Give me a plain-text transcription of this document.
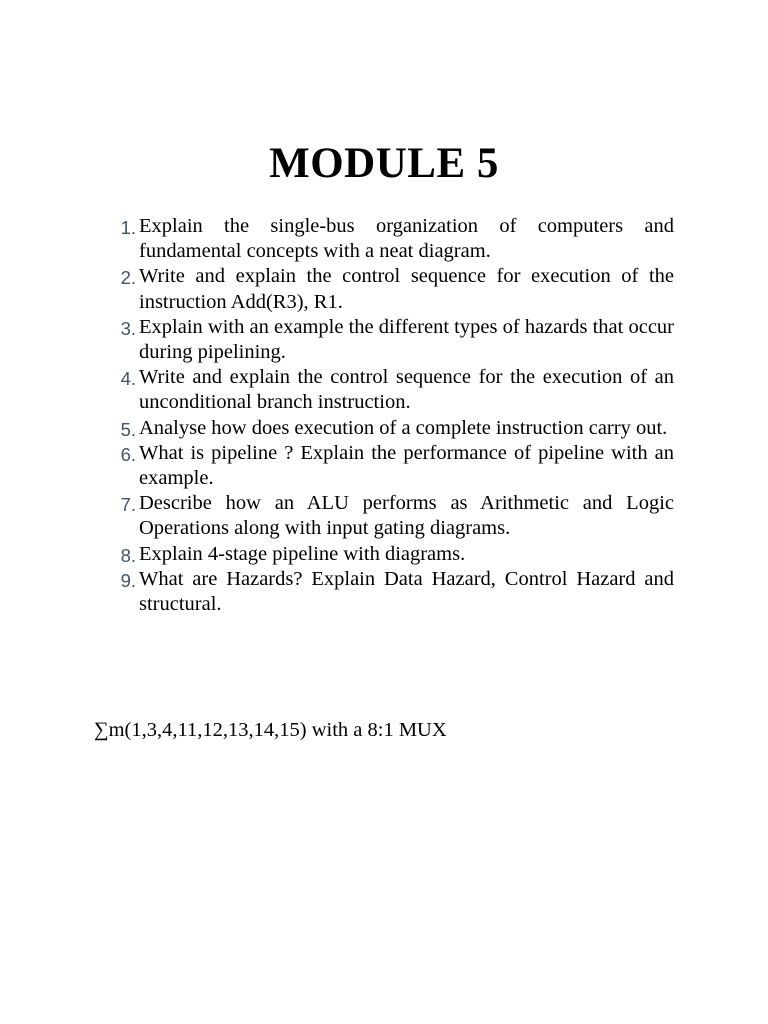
MODULE 5
1. Explain the single-bus organization of computers and fundamental concepts with a neat diagram.
2. Write and explain the control sequence for execution of the instruction Add(R3), R1.
3. Explain with an example the different types of hazards that occur during pipelining.
4. Write and explain the control sequence for the execution of an unconditional branch instruction.
5. Analyse how does execution of a complete instruction carry out.
6. What is pipeline ? Explain the performance of pipeline with an example.
7. Describe how an ALU performs as Arithmetic and Logic Operations along with input gating diagrams.
8. Explain 4-stage pipeline with diagrams.
9. What are Hazards? Explain Data Hazard, Control Hazard and structural.
∑m(1,3,4,11,12,13,14,15) with a 8:1 MUX
